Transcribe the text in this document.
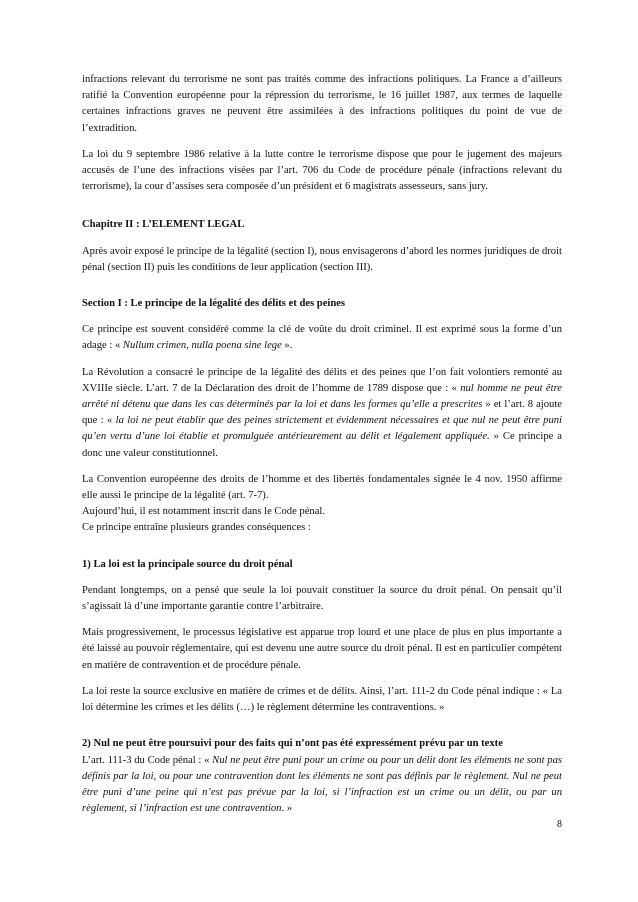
infractions relevant du terrorisme ne sont pas traités comme des infractions politiques. La France a d’ailleurs ratifié la Convention européenne pour la répression du terrorisme, le 16 juillet 1987, aux termes de laquelle certaines infractions graves ne peuvent être assimilées à des infractions politiques du point de vue de l’extradition.

La loi du 9 septembre 1986 relative à la lutte contre le terrorisme dispose que pour le jugement des majeurs accusés de l’une des infractions visées par l’art. 706 du Code de procédure pénale (infractions relevant du terrorisme), la cour d’assises sera composée d’un président et 6 magistrats assesseurs, sans jury.

Chapitre II : L’ELEMENT LEGAL

Après avoir exposé le principe de la légalité (section I), nous envisagerons d’abord les normes juridiques de droit pénal (section II) puis les conditions de leur application (section III).

Section I : Le principe de la légalité des délits et des peines

Ce principe est souvent considéré comme la clé de voûte du droit criminel. Il est exprimé sous la forme d’un adage : « Nullum crimen, nulla poena sine lege ».

La Révolution a consacré le principe de la légalité des délits et des peines que l’on fait volontiers remonté au XVIIIe siècle. L’art. 7 de la Déclaration des droit de l’homme de 1789 dispose que : « nul homme ne peut être arrêté ni détenu que dans les cas déterminés par la loi et dans les formes qu’elle a prescrites » et l’art. 8 ajoute que : « la loi ne peut établir que des peines strictement et évidemment nécessaires et que nul ne peut être puni qu’en vertu d’une loi établie et promulguée antérieurement au délit et légalement appliquée. » Ce principe a donc une valeur constitutionnel.

La Convention européenne des droits de l’homme et des libertés fondamentales signée le 4 nov. 1950 affirme elle aussi le principe de la légalité (art. 7-7).

Aujourd’hui, il est notamment inscrit dans le Code pénal.

Ce principe entraîne plusieurs grandes conséquences :

1) La loi est la principale source du droit pénal

Pendant longtemps, on a pensé que seule la loi pouvait constituer la source du droit pénal. On pensait qu’il s’agissait là d’une importante garantie contre l’arbitraire.

Mais progressivement, le processus législative est apparue trop lourd et une place de plus en plus importante a été laissé au pouvoir réglementaire, qui est devenu une autre source du droit pénal. Il est en particulier compétent en matière de contravention et de procédure pénale.

La loi reste la source exclusive en matière de crimes et de délits. Ainsi, l’art. 111-2 du Code pénal indique : « La loi détermine les crimes et les délits (…) le règlement détermine les contraventions. »

2) Nul ne peut être poursuivi pour des faits qui n’ont pas été expressément prévu par un texte

L’art. 111-3 du Code pénal : « Nul ne peut être puni pour un crime ou pour un délit dont les éléments ne sont pas définis par la loi, ou pour une contravention dont les éléments ne sont pas définis par le règlement. Nul ne peut être puni d’une peine qui n’est pas prévue par la loi, si l’infraction est un crime ou un délit, ou par un règlement, si l’infraction est une contravention. »

8
